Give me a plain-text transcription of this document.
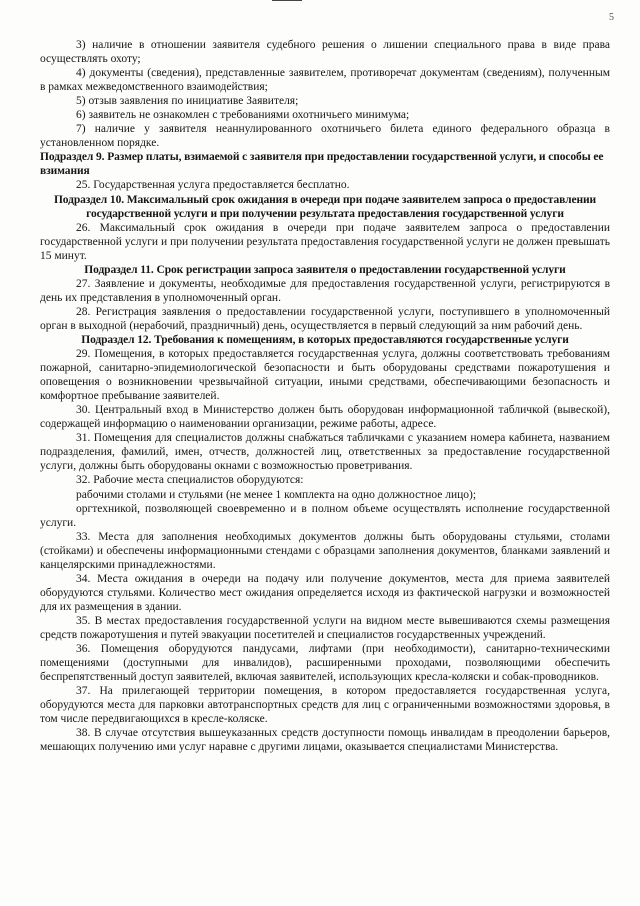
5

3) наличие в отношении заявителя судебного решения о лишении специального права в виде права осуществлять охоту;

4) документы (сведения), представленные заявителем, противоречат документам (сведениям), полученным в рамках межведомственного взаимодействия;

5) отзыв заявления по инициативе Заявителя;

6) заявитель не ознакомлен с требованиями охотничьего минимума;

7) наличие у заявителя неаннулированного охотничьего билета единого федерального образца в установленном порядке.

Подраздел 9. Размер платы, взимаемой с заявителя при предоставлении государственной услуги, и способы ее взимания

25. Государственная услуга предоставляется бесплатно.

Подраздел 10. Максимальный срок ожидания в очереди при подаче заявителем запроса о предоставлении государственной услуги и при получении результата предоставления государственной услуги

26. Максимальный срок ожидания в очереди при подаче заявителем запроса о предоставлении государственной услуги и при получении результата предоставления государственной услуги не должен превышать 15 минут.

Подраздел 11. Срок регистрации запроса заявителя о предоставлении государственной услуги

27. Заявление и документы, необходимые для предоставления государственной услуги, регистрируются в день их представления в уполномоченный орган.

28. Регистрация заявления о предоставлении государственной услуги, поступившего в уполномоченный орган в выходной (нерабочий, праздничный) день, осуществляется в первый следующий за ним рабочий день.

Подраздел 12. Требования к помещениям, в которых предоставляются государственные услуги

29. Помещения, в которых предоставляется государственная услуга, должны соответствовать требованиям пожарной, санитарно-эпидемиологической безопасности и быть оборудованы средствами пожаротушения и оповещения о возникновении чрезвычайной ситуации, иными средствами, обеспечивающими безопасность и комфортное пребывание заявителей.

30. Центральный вход в Министерство должен быть оборудован информационной табличкой (вывеской), содержащей информацию о наименовании организации, режиме работы, адресе.

31. Помещения для специалистов должны снабжаться табличками с указанием номера кабинета, названием подразделения, фамилий, имен, отчеств, должностей лиц, ответственных за предоставление государственной услуги, должны быть оборудованы окнами с возможностью проветривания.

32. Рабочие места специалистов оборудуются:

рабочими столами и стульями (не менее 1 комплекта на одно должностное лицо);

оргтехникой, позволяющей своевременно и в полном объеме осуществлять исполнение государственной услуги.

33. Места для заполнения необходимых документов должны быть оборудованы стульями, столами (стойками) и обеспечены информационными стендами с образцами заполнения документов, бланками заявлений и канцелярскими принадлежностями.

34. Места ожидания в очереди на подачу или получение документов, места для приема заявителей оборудуются стульями. Количество мест ожидания определяется исходя из фактической нагрузки и возможностей для их размещения в здании.

35. В местах предоставления государственной услуги на видном месте вывешиваются схемы размещения средств пожаротушения и путей эвакуации посетителей и специалистов государственных учреждений.

36. Помещения оборудуются пандусами, лифтами (при необходимости), санитарно-техническими помещениями (доступными для инвалидов), расширенными проходами, позволяющими обеспечить беспрепятственный доступ заявителей, включая заявителей, использующих кресла-коляски и собак-проводников.

37. На прилегающей территории помещения, в котором предоставляется государственная услуга, оборудуются места для парковки автотранспортных средств для лиц с ограниченными возможностями здоровья, в том числе передвигающихся в кресле-коляске.

38. В случае отсутствия вышеуказанных средств доступности помощь инвалидам в преодолении барьеров, мешающих получению ими услуг наравне с другими лицами, оказывается специалистами Министерства.
